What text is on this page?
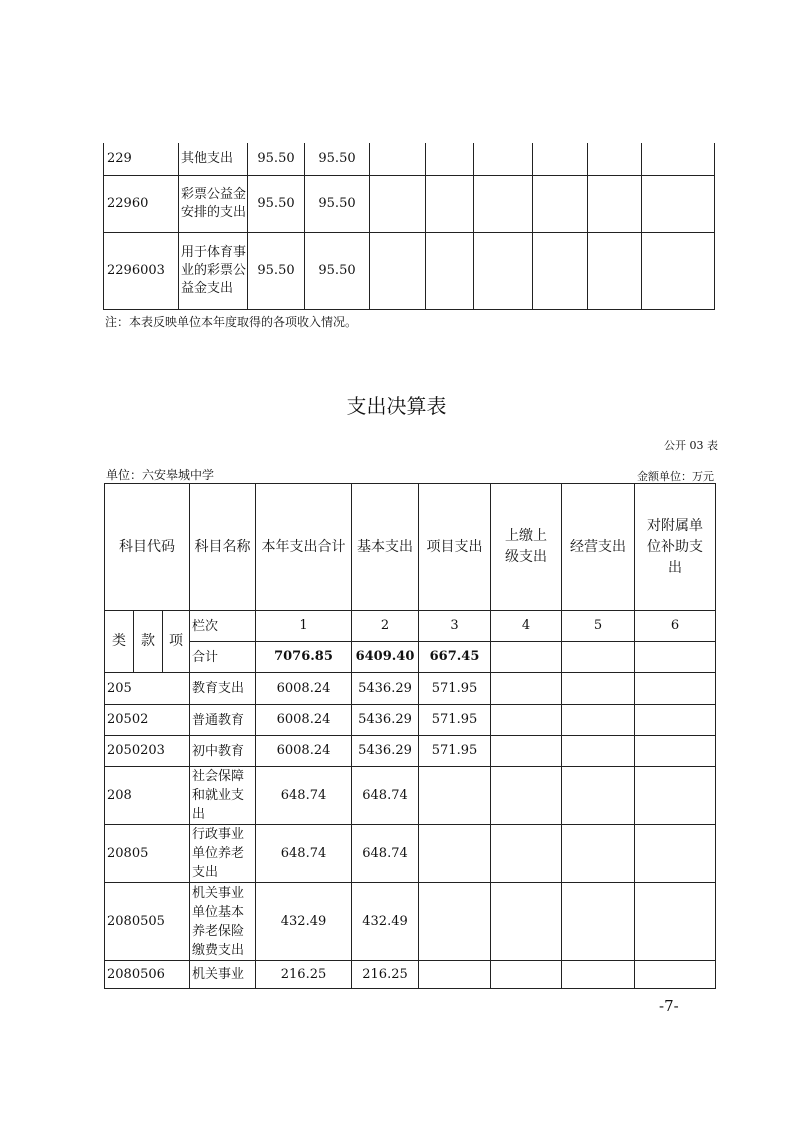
229	其他支出	95.50	95.50						
22960	彩票公益金安排的支出	95.50	95.50						
2296003	用于体育事业的彩票公益金支出	95.50	95.50						
注：本表反映单位本年度取得的各项收入情况。
支出决算表
公开 03 表
单位：六安皋城中学	金额单位：万元
科目代码			科目名称	本年支出合计	基本支出	项目支出	上缴上级支出	经营支出	对附属单位补助支出
类	款	项	栏次	1	2	3	4	5	6
			合计	7076.85	6409.40	667.45			
205			教育支出	6008.24	5436.29	571.95			
20502			普通教育	6008.24	5436.29	571.95			
2050203			初中教育	6008.24	5436.29	571.95			
208			社会保障和就业支出	648.74	648.74				
20805			行政事业单位养老支出	648.74	648.74				
2080505			机关事业单位基本养老保险缴费支出	432.49	432.49				
2080506			机关事业	216.25	216.25				
-7-
